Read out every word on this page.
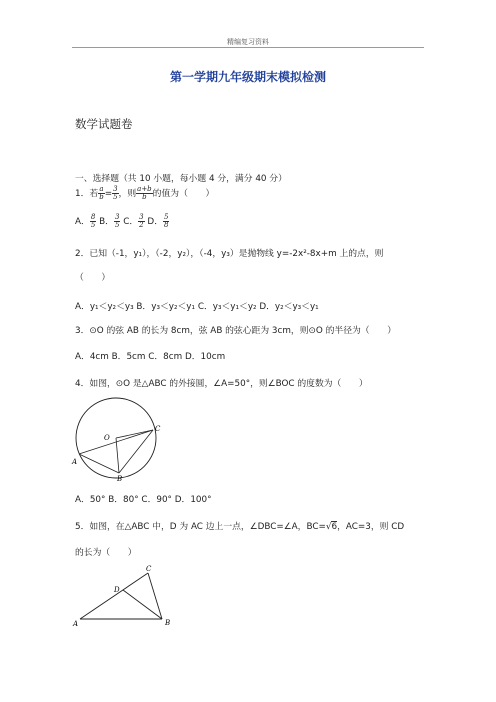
精编复习资料
第一学期九年级期末模拟检测
数学试题卷
一、选择题（共 10 小题，每小题 4 分，满分 40 分）
1．若 $\frac{a}{b} = \frac{3}{5}$ ，则 $\frac{a+b}{b}$ 的值为（　　）
A． $\frac{8}{5}$ B． $\frac{3}{5}$ C． $\frac{3}{2}$ D． $\frac{5}{8}$
2．已知（-1，y₁），（-2，y₂），（-4，y₃）是抛物线 y=-2x²-8x+m 上的点，则
（　　）
A．y₁＜y₂＜y₃ B．y₃＜y₂＜y₁ C．y₃＜y₁＜y₂ D．y₂＜y₃＜y₁
3．⊙O 的弦 AB 的长为 8cm，弦 AB 的弦心距为 3cm，则⊙O 的半径为（　　）
A．4cm B．5cm C．8cm D．10cm
4．如图，⊙O 是△ABC 的外接圆，∠A=50°，则∠BOC 的度数为（　　）
O
C
A
B
A．50° B．80° C．90° D．100°
5．如图，在△ABC 中，D 为 AC 边上一点，∠DBC=∠A，BC=√6，AC=3，则 CD
的长为（　　）
C
D
A	B
